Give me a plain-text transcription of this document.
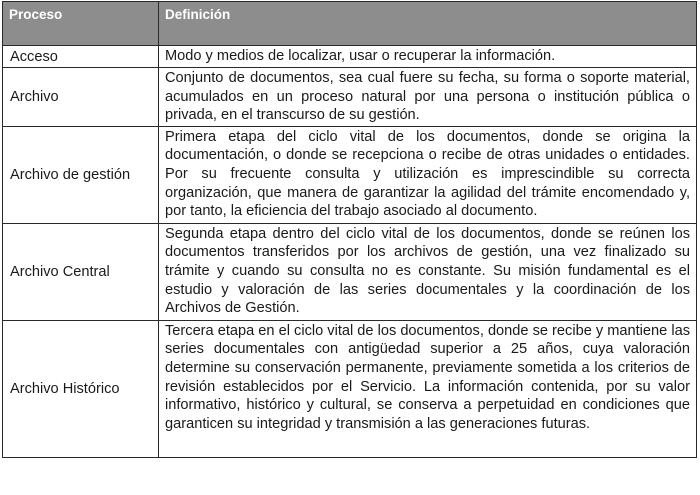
Proceso	Definición
Acceso	Modo y medios de localizar, usar o recuperar la información.
Archivo	Conjunto de documentos, sea cual fuere su fecha, su forma o soporte material, acumulados en un proceso natural por una persona o institución pública o privada, en el transcurso de su gestión.
Archivo de gestión	Primera etapa del ciclo vital de los documentos, donde se origina la documentación, o donde se recepciona o recibe de otras unidades o entidades. Por su frecuente consulta y utilización es imprescindible su correcta organización, que manera de garantizar la agilidad del trámite encomendado y, por tanto, la eficiencia del trabajo asociado al documento.
Archivo Central	Segunda etapa dentro del ciclo vital de los documentos, donde se reúnen los documentos transferidos por los archivos de gestión, una vez finalizado su trámite y cuando su consulta no es constante. Su misión fundamental es el estudio y valoración de las series documentales y la coordinación de los Archivos de Gestión.
Archivo Histórico	Tercera etapa en el ciclo vital de los documentos, donde se recibe y mantiene las series documentales con antigüedad superior a 25 años, cuya valoración determine su conservación permanente, previamente sometida a los criterios de revisión establecidos por el Servicio. La información contenida, por su valor informativo, histórico y cultural, se conserva a perpetuidad en condiciones que garanticen su integridad y transmisión a las generaciones futuras.
